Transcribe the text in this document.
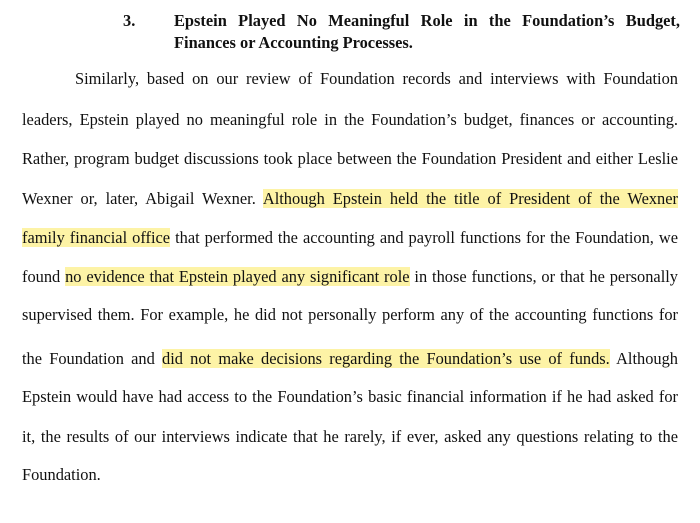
3. Epstein Played No Meaningful Role in the Foundation’s Budget,
Finances or Accounting Processes.
Similarly, based on our review of Foundation records and interviews with Foundation
leaders, Epstein played no meaningful role in the Foundation’s budget, finances or accounting.
Rather, program budget discussions took place between the Foundation President and either Leslie
Wexner or, later, Abigail Wexner. Although Epstein held the title of President of the Wexner
family financial office that performed the accounting and payroll functions for the Foundation, we
found no evidence that Epstein played any significant role in those functions, or that he personally
supervised them. For example, he did not personally perform any of the accounting functions for
the Foundation and did not make decisions regarding the Foundation’s use of funds. Although
Epstein would have had access to the Foundation’s basic financial information if he had asked for
it, the results of our interviews indicate that he rarely, if ever, asked any questions relating to the
Foundation.
